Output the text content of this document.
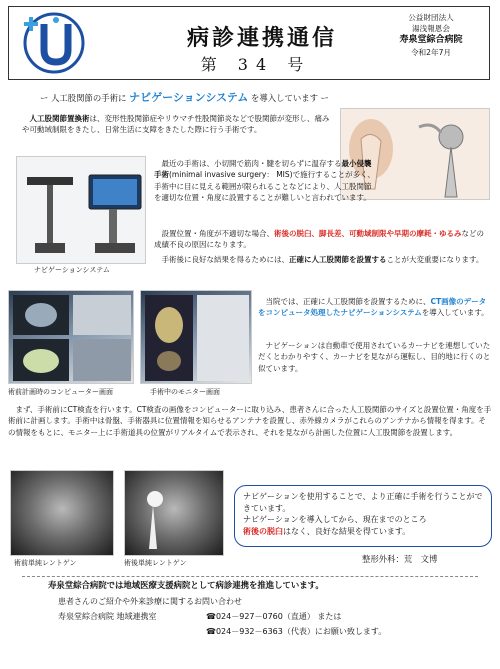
病診連携通信
第 34 号
公益財団法人
湯浅報恩会
寿泉堂綜合病院
令和2年7月
ー 人工股関節の手術に ナビゲーションシステム を導入しています ー
人工股関節置換術は、変形性股関節症やリウマチ性股関節炎などで股関節が変形し、痛みや可動域制限をきたし、日常生活に支障をきたした際に行う手術です。
ナビゲーションシステム
最近の手術は、小切開で筋肉・腱を切らずに温存する最小侵襲手術(minimal invasive surgery： MIS)で施行することが多く、手術中に目に見える範囲が限られることなどにより、人工股関節を適切な位置・角度に設置することが難しいと言われています。
設置位置・角度が不適切な場合、術後の脱臼、脚長差、可動域制限や早期の摩耗・ゆるみなどの成績不良の原因になります。
手術後に良好な結果を得るためには、正確に人工股関節を設置することが大変重要になります。
術前計画時のコンピューター画面	手術中のモニター画面
当院では、正確に人工股関節を設置するために、CT画像のデータをコンピュータ処理したナビゲーションシステムを導入しています。
ナビゲーションは自動車で使用されているカーナビを連想していただくとわかりやすく、カーナビを見ながら運転し、目的地に行くのと似ています。
まず、手術前にCT検査を行います。CT検査の画像をコンピューターに取り込み、患者さんに合った人工股関節のサイズと設置位置・角度を手術前に計画します。手術中は骨盤、手術器具に位置情報を知らせるアンテナを設置し、赤外線カメラがこれらのアンテナから情報を得ます。その情報をもとに、モニター上に手術道具の位置がリアルタイムで表示され、それを見ながら計画した位置に人工股関節を設置します。
術前単純レントゲン	術後単純レントゲン
ナビゲーションを使用することで、より正確に手術を行うことができています。
ナビゲーションを導入してから、現在までのところ
術後の脱臼はなく、良好な結果を得ています。
整形外科：荒　文博
寿泉堂綜合病院では地域医療支援病院として病診連携を推進しています。
患者さんのご紹介や外来診療に関するお問い合わせ
寿泉堂綜合病院 地域連携室	☎024－927－0760（直通） または
☎024－932－6363（代表）にお願い致します。
